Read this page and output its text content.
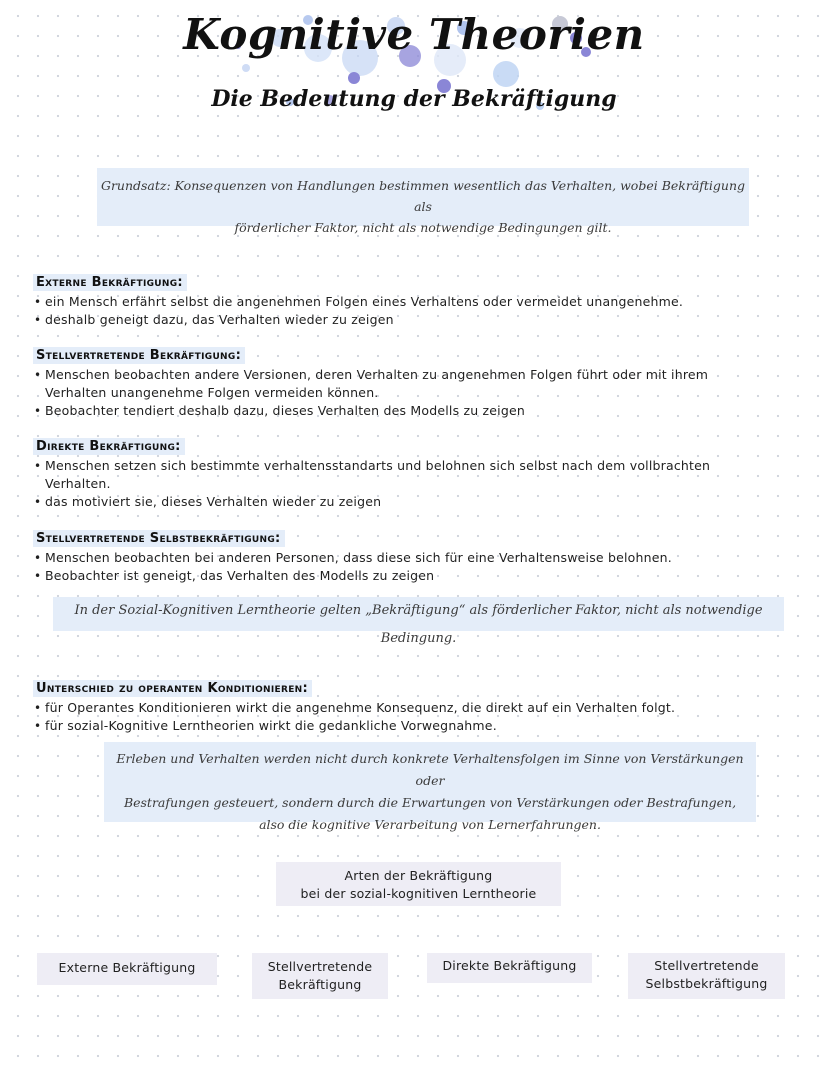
Kognitive Theorien
Die Bedeutung der Bekräftigung
Grundsatz: Konsequenzen von Handlungen bestimmen wesentlich das Verhalten, wobei Bekräftigung als
förderlicher Faktor, nicht als notwendige Bedingungen gilt.
Externe Bekräftigung:
• ein Mensch erfährt selbst die angenehmen Folgen eines Verhaltens oder vermeidet unangenehme.
• deshalb geneigt dazu, das Verhalten wieder zu zeigen
Stellvertretende Bekräftigung:
• Menschen beobachten andere Versionen, deren Verhalten zu angenehmen Folgen führt oder mit ihrem Verhalten unangenehme Folgen vermeiden können.
• Beobachter tendiert deshalb dazu, dieses Verhalten des Modells zu zeigen
Direkte Bekräftigung:
• Menschen setzen sich bestimmte verhaltensstandarts und belohnen sich selbst nach dem vollbrachten Verhalten.
• das motiviert sie, dieses Verhalten wieder zu zeigen
Stellvertretende Selbstbekräftigung:
• Menschen beobachten bei anderen Personen, dass diese sich für eine Verhaltensweise belohnen.
• Beobachter ist geneigt, das Verhalten des Modells zu zeigen
In der Sozial-Kognitiven Lerntheorie gelten „Bekräftigung“ als förderlicher Faktor, nicht als notwendige Bedingung.
Unterschied zu operanten Konditionieren:
• für Operantes Konditionieren wirkt die angenehme Konsequenz, die direkt auf ein Verhalten folgt.
• für sozial-Kognitive Lerntheorien wirkt die gedankliche Vorwegnahme.
Erleben und Verhalten werden nicht durch konkrete Verhaltensfolgen im Sinne von Verstärkungen oder
Bestrafungen gesteuert, sondern durch die Erwartungen von Verstärkungen oder Bestrafungen,
also die kognitive Verarbeitung von Lernerfahrungen.
Arten der Bekräftigung
bei der sozial-kognitiven Lerntheorie
Externe Bekräftigung	Stellvertretende
Bekräftigung
Direkte Bekräftigung	Stellvertretende
Selbstbekräftigung
